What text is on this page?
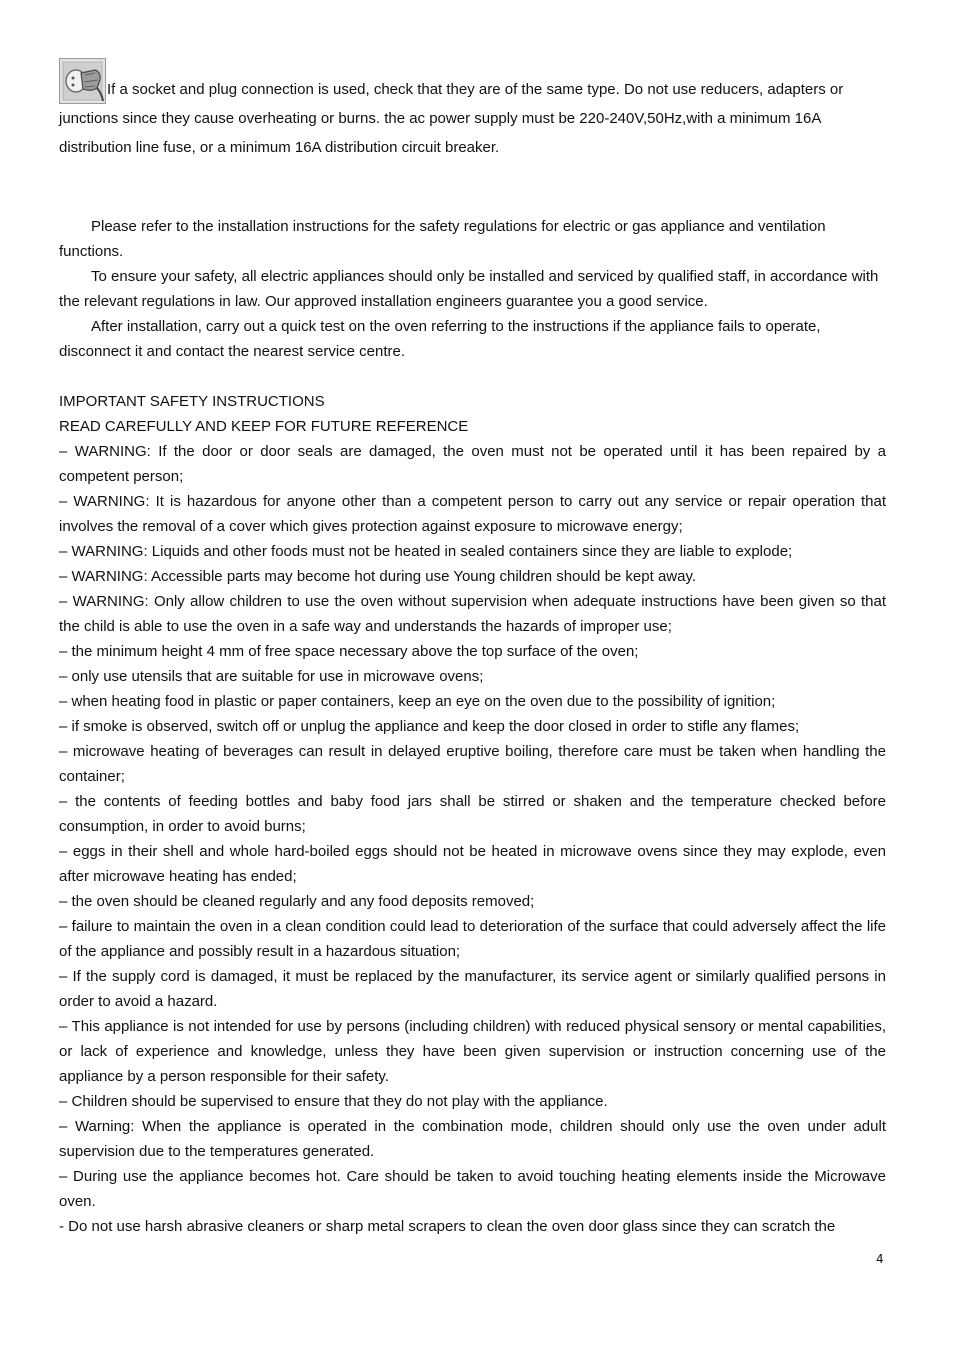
If a socket and plug connection is used, check that they are of the same type. Do not use reducers, adapters or junctions since they cause overheating or burns. the ac power supply must be 220-240V,50Hz,with a minimum 16A distribution line fuse, or a minimum 16A distribution circuit breaker.

Please refer to the installation instructions for the safety regulations for electric or gas appliance and ventilation functions.

To ensure your safety, all electric appliances should only be installed and serviced by qualified staff, in accordance with the relevant regulations in law. Our approved installation engineers guarantee you a good service.

After installation, carry out a quick test on the oven referring to the instructions if the appliance fails to operate, disconnect it and contact the nearest service centre.

IMPORTANT SAFETY INSTRUCTIONS

READ CAREFULLY AND KEEP FOR FUTURE REFERENCE

– WARNING: If the door or door seals are damaged, the oven must not be operated until it has been repaired by a competent person;
– WARNING: It is hazardous for anyone other than a competent person to carry out any service or repair operation that involves the removal of a cover which gives protection against exposure to microwave energy;
– WARNING: Liquids and other foods must not be heated in sealed containers since they are liable to explode;
– WARNING: Accessible parts may become hot during use Young children should be kept away.
– WARNING: Only allow children to use the oven without supervision when adequate instructions have been given so that the child is able to use the oven in a safe way and understands the hazards of improper use;
– the minimum height 4 mm of free space necessary above the top surface of the oven;
– only use utensils that are suitable for use in microwave ovens;
– when heating food in plastic or paper containers, keep an eye on the oven due to the possibility of ignition;
– if smoke is observed, switch off or unplug the appliance and keep the door closed in order to stifle any flames;
– microwave heating of beverages can result in delayed eruptive boiling, therefore care must be taken when handling the container;
– the contents of feeding bottles and baby food jars shall be stirred or shaken and the temperature checked before consumption, in order to avoid burns;
– eggs in their shell and whole hard-boiled eggs should not be heated in microwave ovens since they may explode, even after microwave heating has ended;
– the oven should be cleaned regularly and any food deposits removed;
– failure to maintain the oven in a clean condition could lead to deterioration of the surface that could adversely affect the life of the appliance and possibly result in a hazardous situation;
– If the supply cord is damaged, it must be replaced by the manufacturer, its service agent or similarly qualified persons in order to avoid a hazard.
– This appliance is not intended for use by persons (including children) with reduced physical sensory or mental capabilities, or lack of experience and knowledge, unless they have been given supervision or instruction concerning use of the appliance by a person responsible for their safety.
– Children should be supervised to ensure that they do not play with the appliance.
– Warning: When the appliance is operated in the combination mode, children should only use the oven under adult supervision due to the temperatures generated.
– During use the appliance becomes hot. Care should be taken to avoid touching heating elements inside the Microwave oven.
- Do not use harsh abrasive cleaners or sharp metal scrapers to clean the oven door glass since they can scratch the
4
